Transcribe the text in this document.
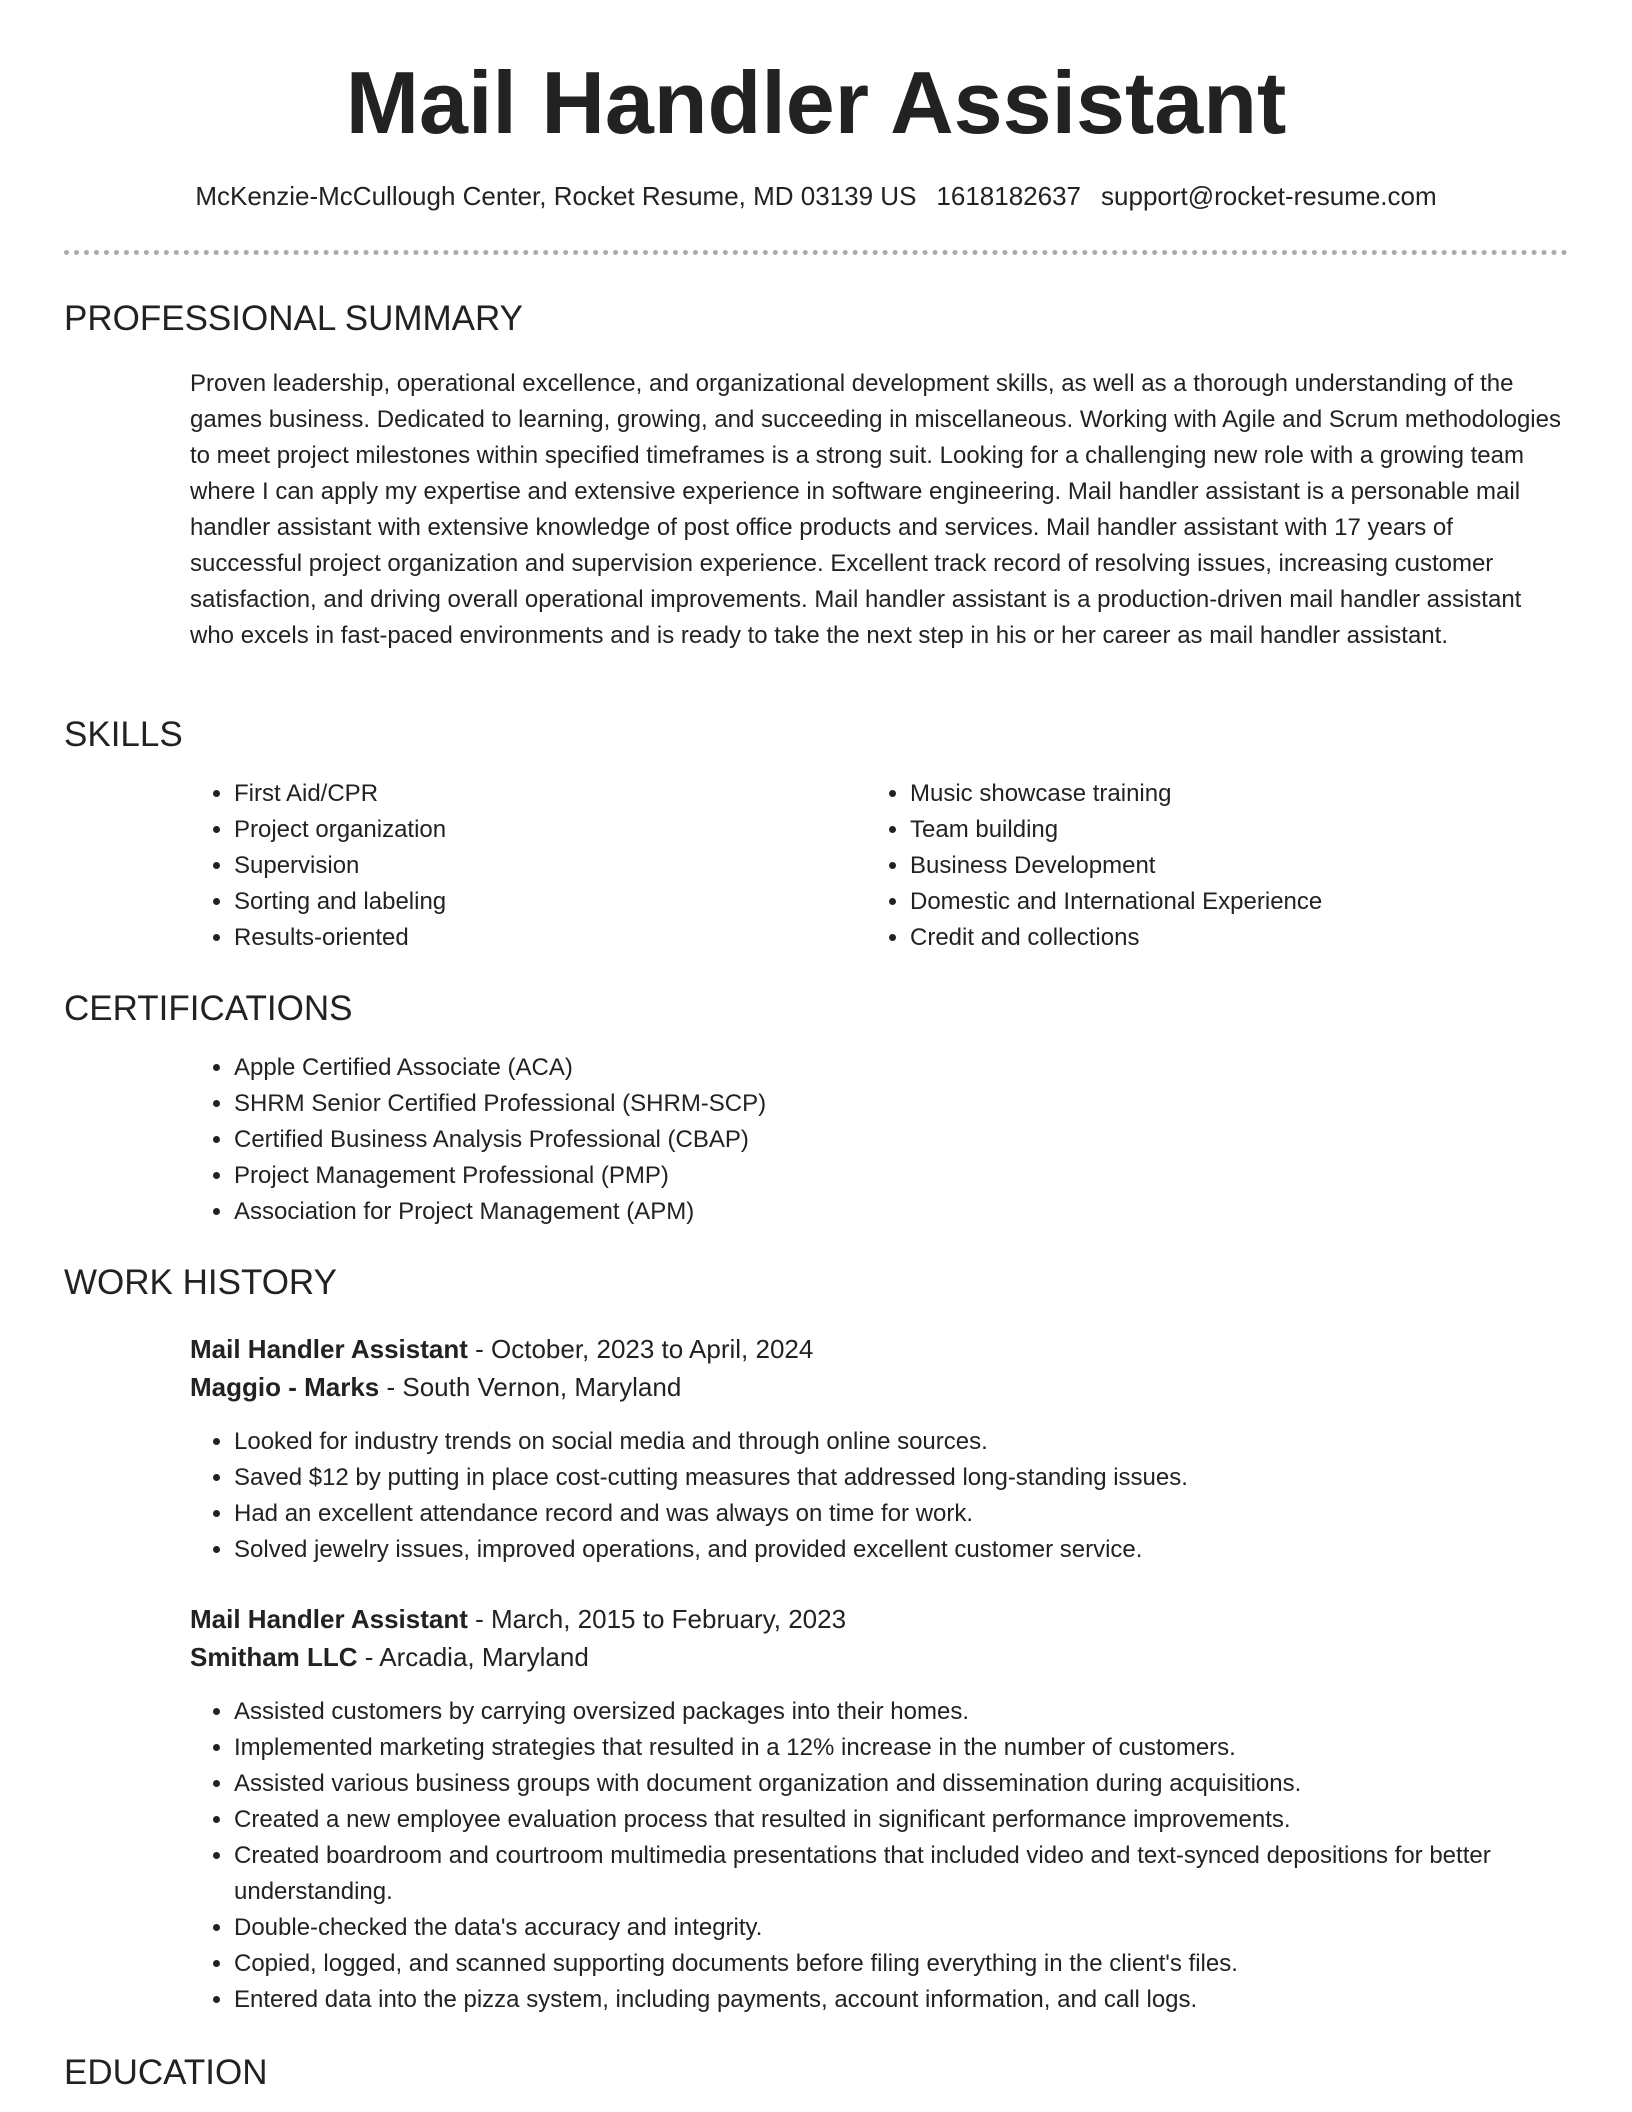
Mail Handler Assistant
McKenzie-McCullough Center, Rocket Resume, MD 03139 US 1618182637 support@rocket-resume.com
PROFESSIONAL SUMMARY

Proven leadership, operational excellence, and organizational development skills, as well as a thorough understanding of the games business. Dedicated to learning, growing, and succeeding in miscellaneous. Working with Agile and Scrum methodologies to meet project milestones within specified timeframes is a strong suit. Looking for a challenging new role with a growing team where I can apply my expertise and extensive experience in software engineering. Mail handler assistant is a personable mail handler assistant with extensive knowledge of post office products and services. Mail handler assistant with 17 years of successful project organization and supervision experience. Excellent track record of resolving issues, increasing customer satisfaction, and driving overall operational improvements. Mail handler assistant is a production-driven mail handler assistant who excels in fast-paced environments and is ready to take the next step in his or her career as mail handler assistant.

SKILLS
• First Aid/CPR
• Project organization
• Supervision
• Sorting and labeling
• Results-oriented
• Music showcase training
• Team building
• Business Development
• Domestic and International Experience
• Credit and collections
CERTIFICATIONS
• Apple Certified Associate (ACA)
• SHRM Senior Certified Professional (SHRM-SCP)
• Certified Business Analysis Professional (CBAP)
• Project Management Professional (PMP)
• Association for Project Management (APM)
WORK HISTORY
Mail Handler Assistant - October, 2023 to April, 2024
Maggio - Marks - South Vernon, Maryland
• Looked for industry trends on social media and through online sources.
• Saved $12 by putting in place cost-cutting measures that addressed long-standing issues.
• Had an excellent attendance record and was always on time for work.
• Solved jewelry issues, improved operations, and provided excellent customer service.
Mail Handler Assistant - March, 2015 to February, 2023
Smitham LLC - Arcadia, Maryland
• Assisted customers by carrying oversized packages into their homes.
• Implemented marketing strategies that resulted in a 12% increase in the number of customers.
• Assisted various business groups with document organization and dissemination during acquisitions.
• Created a new employee evaluation process that resulted in significant performance improvements.
• Created boardroom and courtroom multimedia presentations that included video and text-synced depositions for better understanding.
• Double-checked the data's accuracy and integrity.
• Copied, logged, and scanned supporting documents before filing everything in the client's files.
• Entered data into the pizza system, including payments, account information, and call logs.
EDUCATION
